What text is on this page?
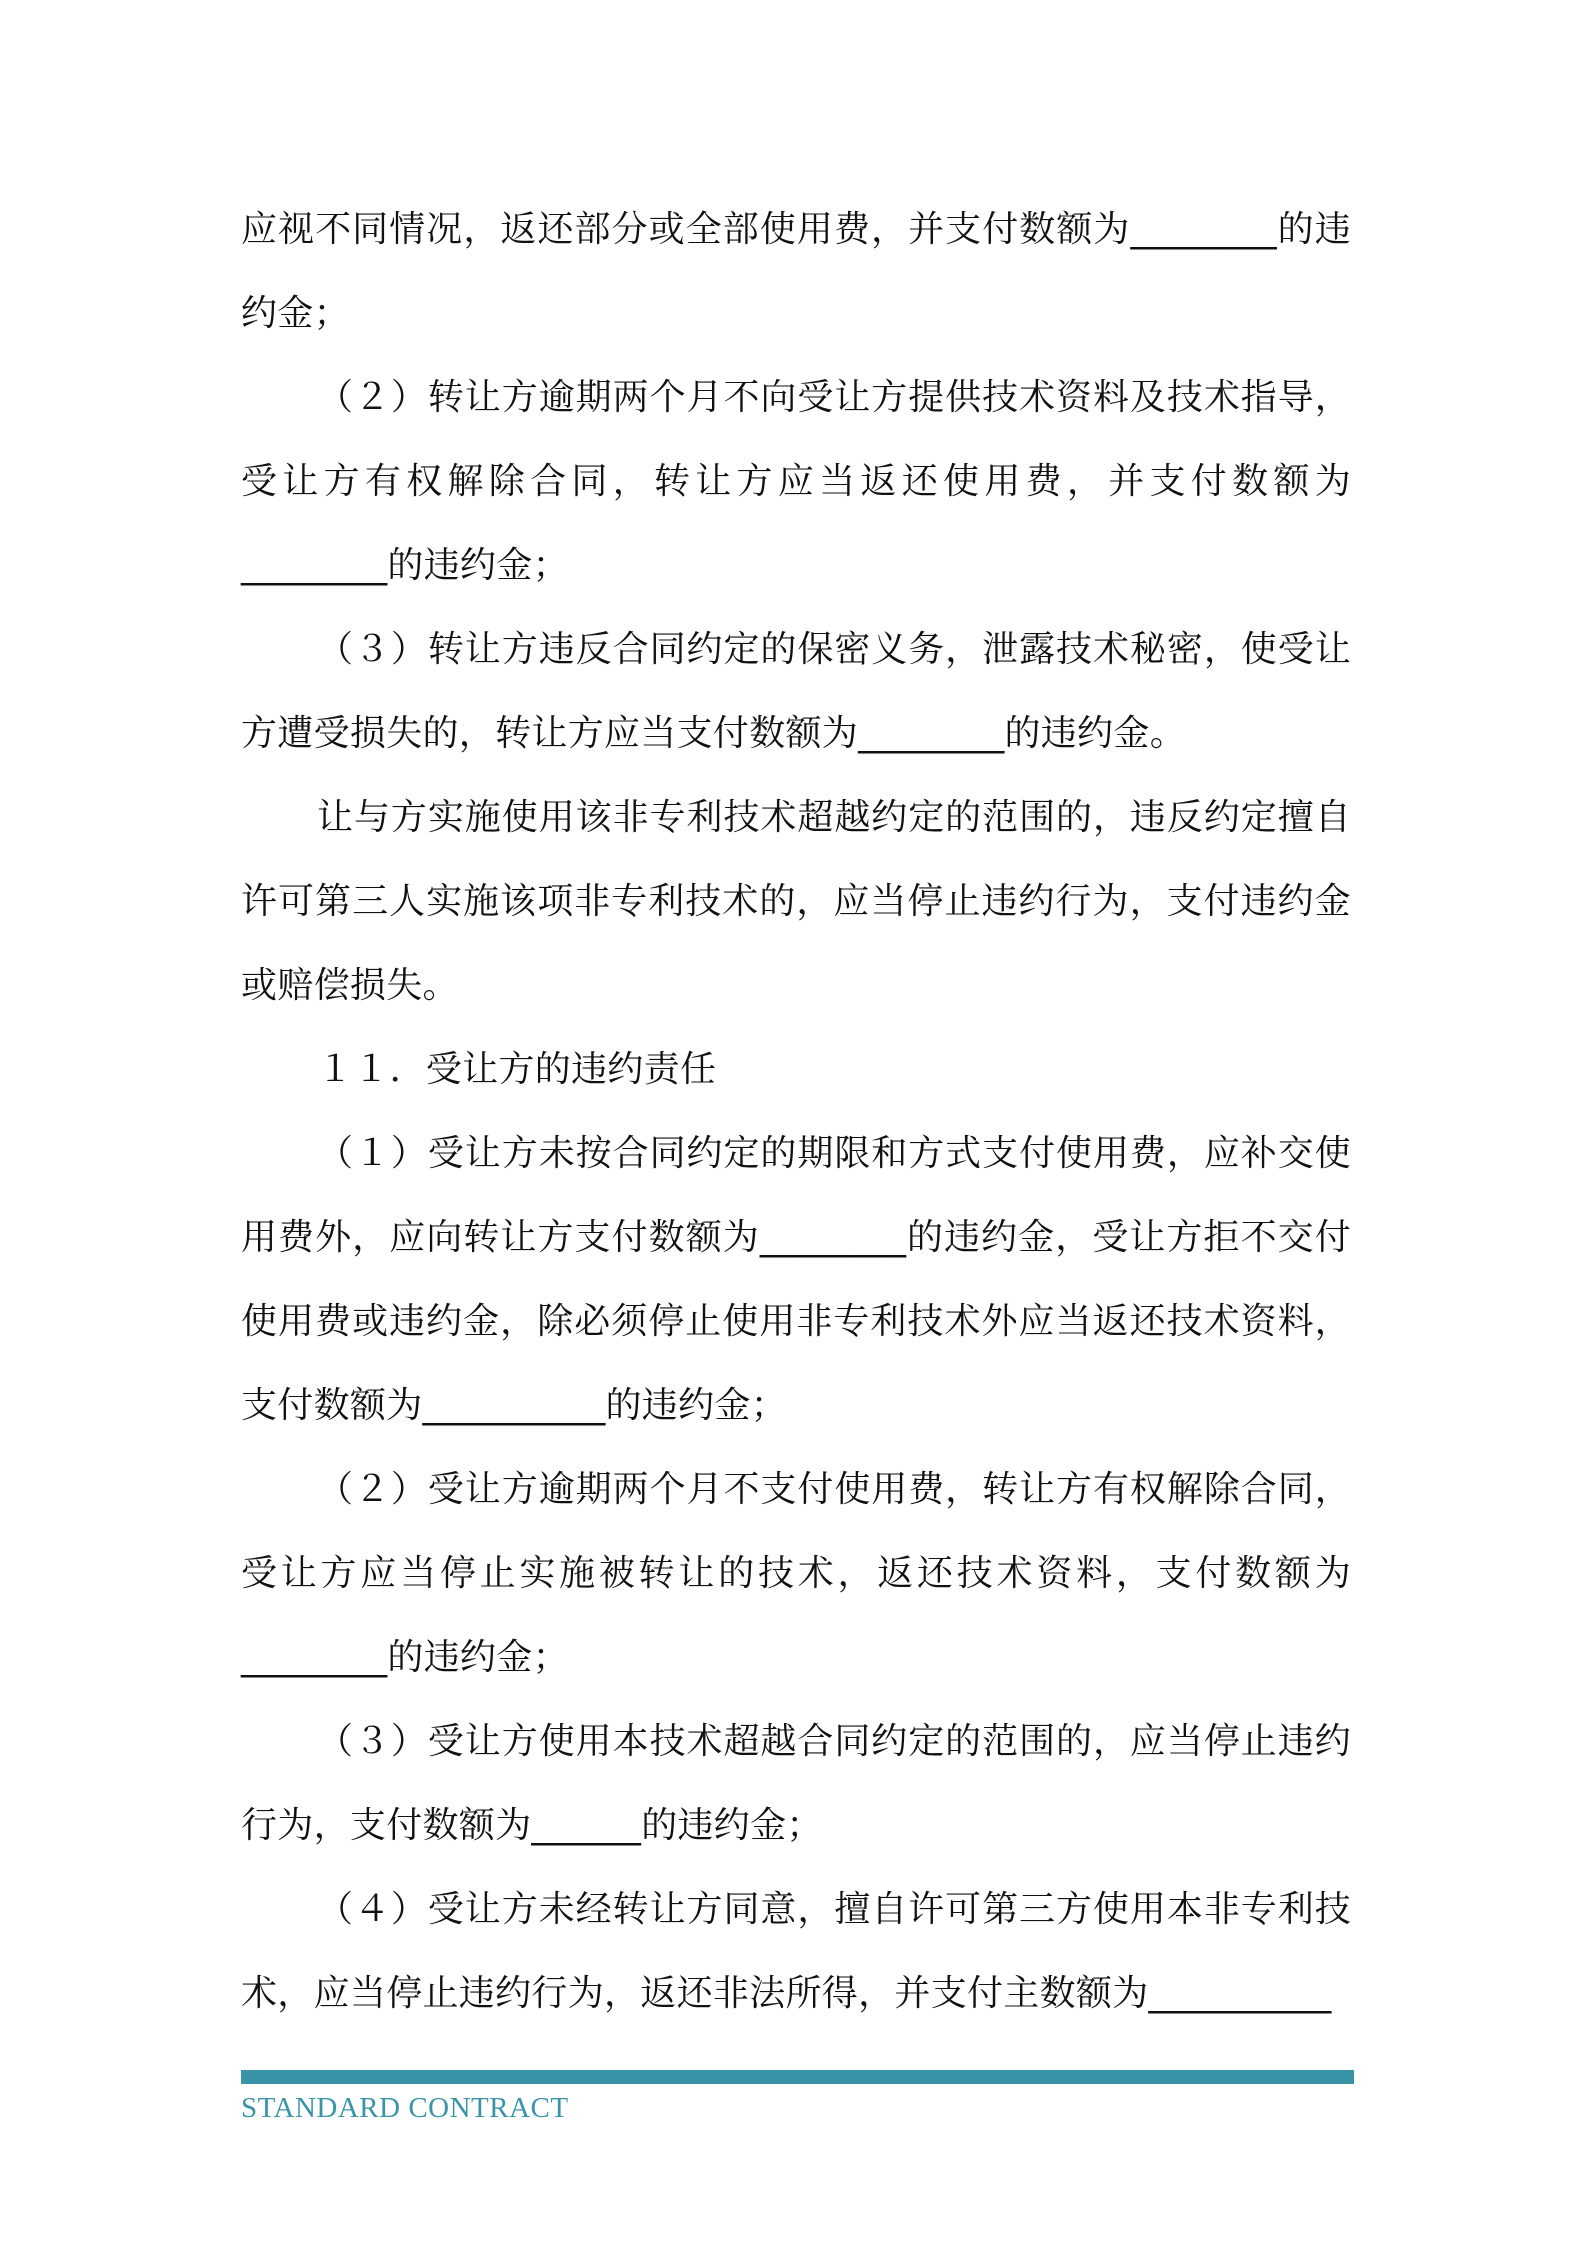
应视不同情况，返还部分或全部使用费，并支付数额为________的违约金；

（２）转让方逾期两个月不向受让方提供技术资料及技术指导，受让方有权解除合同，转让方应当返还使用费，并支付数额为________的违约金；

（３）转让方违反合同约定的保密义务，泄露技术秘密，使受让方遭受损失的，转让方应当支付数额为________的违约金。

让与方实施使用该非专利技术超越约定的范围的，违反约定擅自许可第三人实施该项非专利技术的，应当停止违约行为，支付违约金或赔偿损失。

１１．受让方的违约责任

（１）受让方未按合同约定的期限和方式支付使用费，应补交使用费外，应向转让方支付数额为________的违约金，受让方拒不交付使用费或违约金，除必须停止使用非专利技术外应当返还技术资料，支付数额为__________的违约金；

（２）受让方逾期两个月不支付使用费，转让方有权解除合同，受让方应当停止实施被转让的技术，返还技术资料，支付数额为________的违约金；

（３）受让方使用本技术超越合同约定的范围的，应当停止违约行为，支付数额为______的违约金；

（４）受让方未经转让方同意，擅自许可第三方使用本非专利技术，应当停止违约行为，返还非法所得，并支付主数额为__________

STANDARD CONTRACT
